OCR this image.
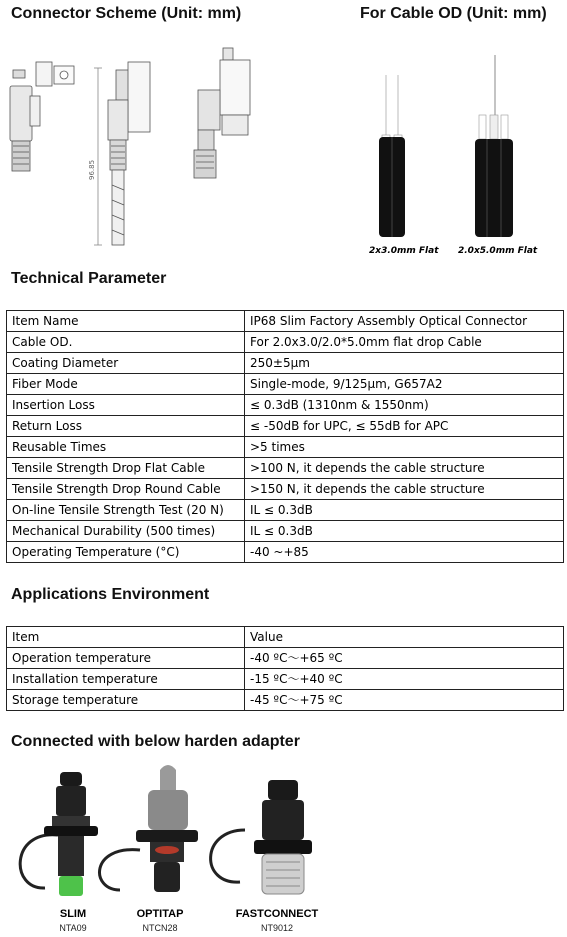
Connector Scheme (Unit: mm)	For Cable OD (Unit: mm)
96.85
2x3.0mm Flat 2.0x5.0mm Flat
Technical Parameter
Item Name	IP68 Slim Factory Assembly Optical Connector
Cable OD.	For 2.0x3.0/2.0*5.0mm flat drop Cable
Coating Diameter	250±5μm
Fiber Mode	Single-mode, 9/125μm, G657A2
Insertion Loss	≤ 0.3dB (1310nm & 1550nm)
Return Loss	≤ -50dB for UPC, ≤ 55dB for APC
Reusable Times	>5 times
Tensile Strength Drop Flat Cable	>100 N, it depends the cable structure
Tensile Strength Drop Round Cable	>150 N, it depends the cable structure
On-line Tensile Strength Test (20 N)	IL ≤ 0.3dB
Mechanical Durability (500 times)	IL ≤ 0.3dB
Operating Temperature (°C)	-40 ~+85
Applications Environment
Item	Value
Operation temperature	-40 ºC～+65 ºC
Installation temperature	-15 ºC～+40 ºC
Storage temperature	-45 ºC～+75 ºC
Connected with below harden adapter
SLIM
NTA09
OPTITAP
NTCN28
FASTCONNECT
NT9012
